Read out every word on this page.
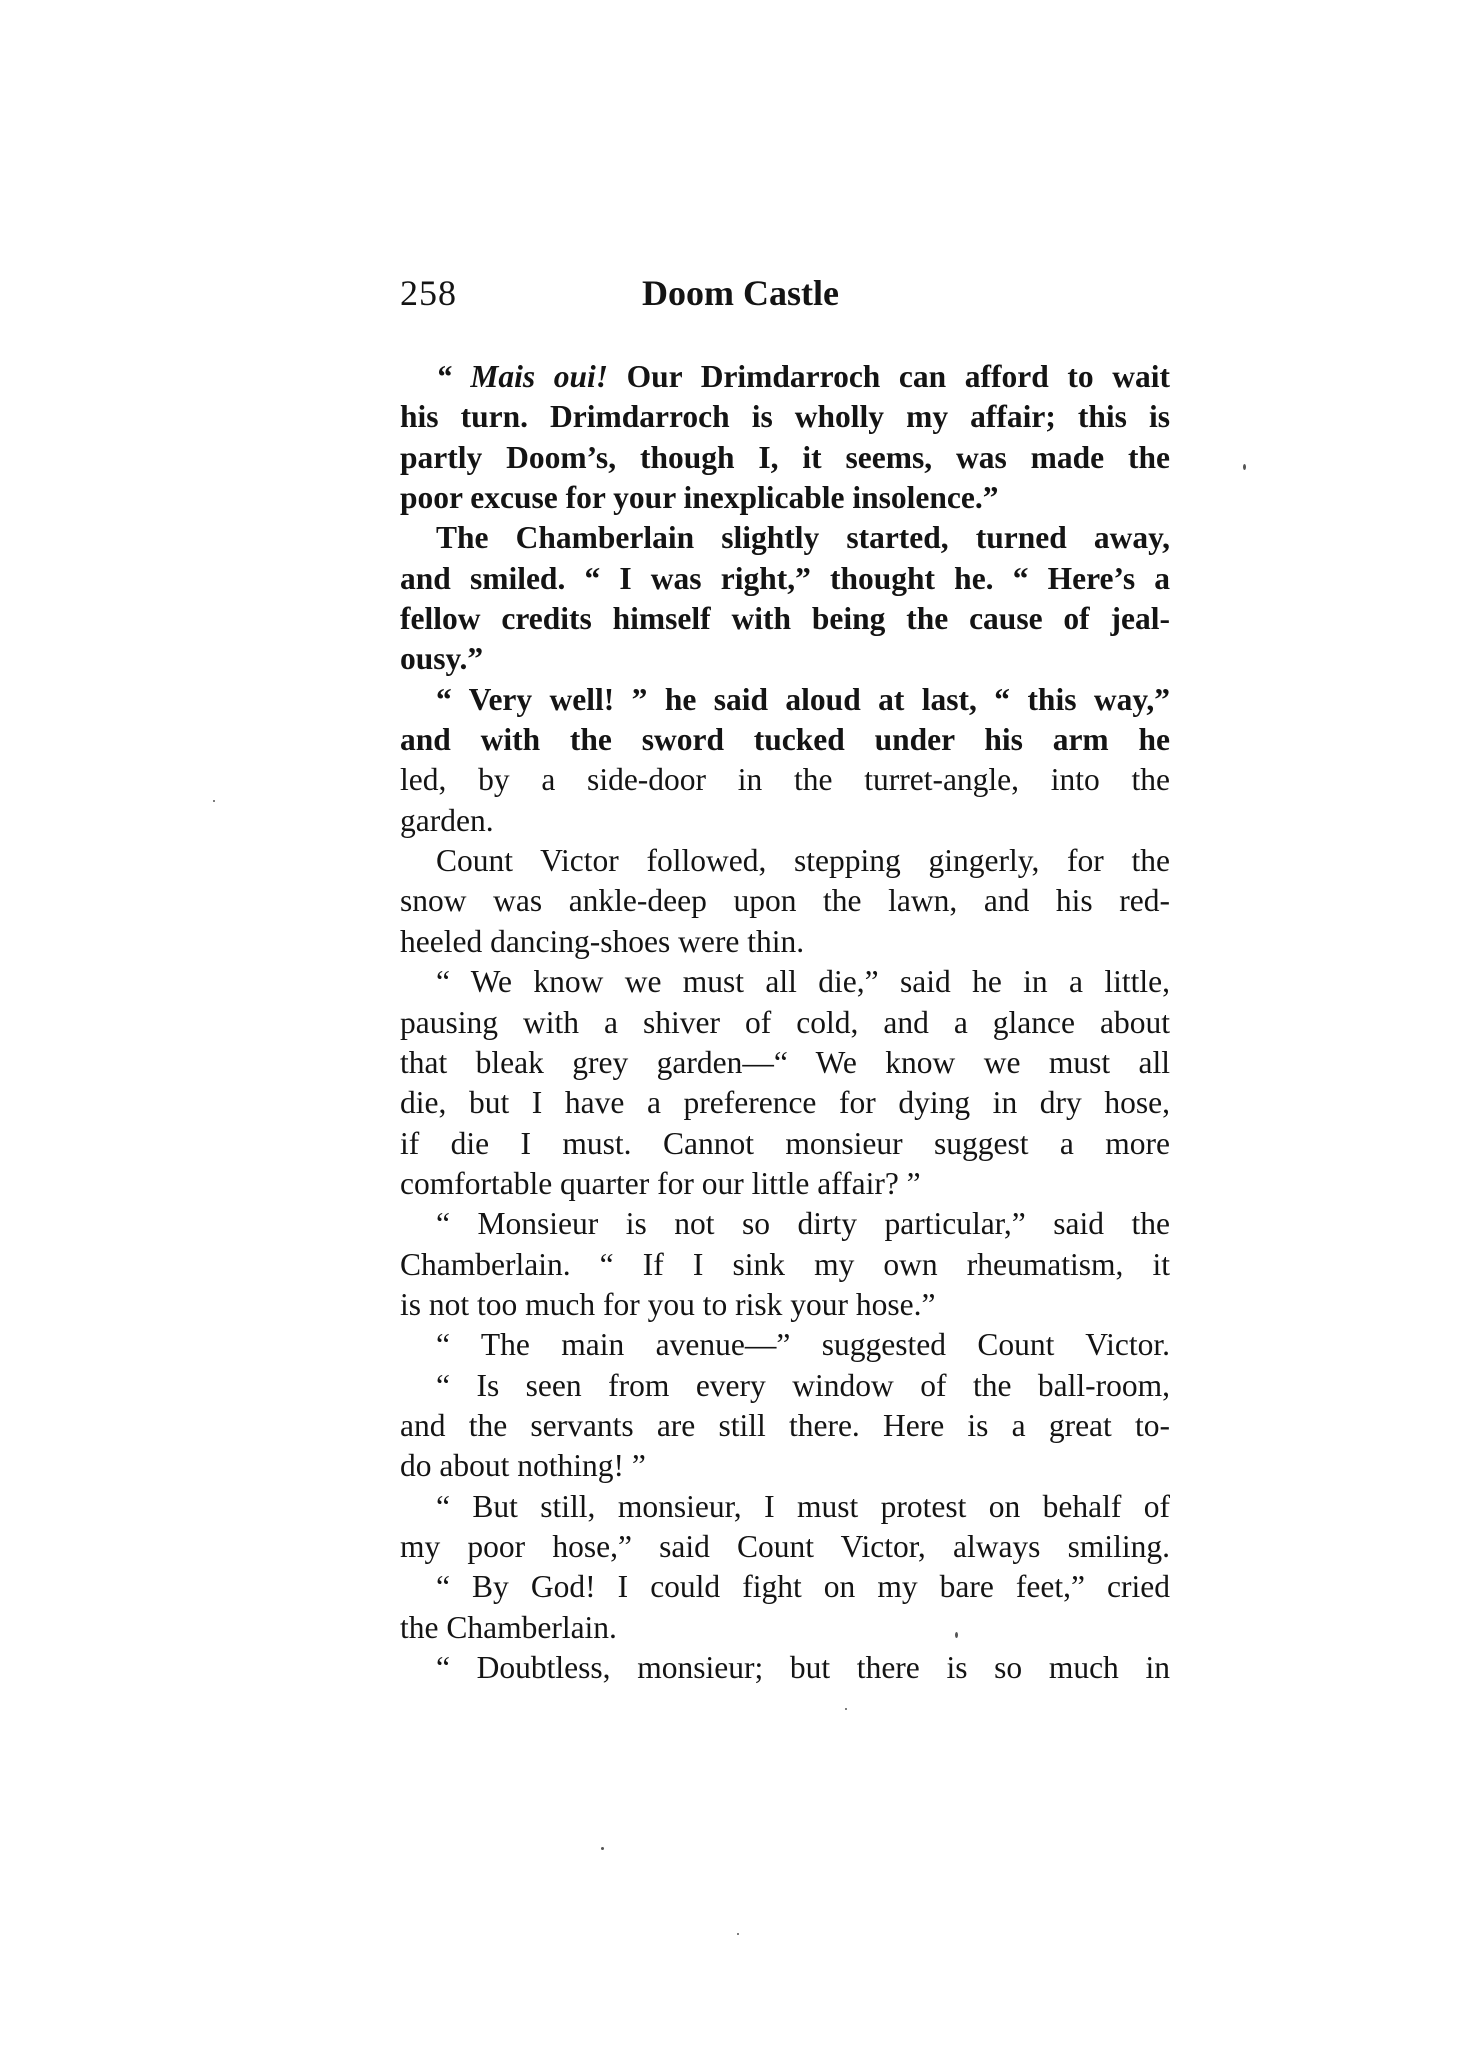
258	Doom Castle
“ Mais oui! Our Drimdarroch can afford to wait
his turn. Drimdarroch is wholly my affair; this is
partly Doom’s, though I, it seems, was made the
poor excuse for your inexplicable insolence.”
The Chamberlain slightly started, turned away,
and smiled. “ I was right,” thought he. “ Here’s a
fellow credits himself with being the cause of jeal-
ousy.”
“ Very well! ” he said aloud at last, “ this way,”
and with the sword tucked under his arm he
led, by a side-door in the turret-angle, into the
garden.
Count Victor followed, stepping gingerly, for the
snow was ankle-deep upon the lawn, and his red-
heeled dancing-shoes were thin.
“ We know we must all die,” said he in a little,
pausing with a shiver of cold, and a glance about
that bleak grey garden—“ We know we must all
die, but I have a preference for dying in dry hose,
if die I must. Cannot monsieur suggest a more
comfortable quarter for our little affair? ”
“ Monsieur is not so dirty particular,” said the
Chamberlain. “ If I sink my own rheumatism, it
is not too much for you to risk your hose.”
“ The main avenue—” suggested Count Victor.
“ Is seen from every window of the ball-room,
and the servants are still there. Here is a great to-
do about nothing! ”
“ But still, monsieur, I must protest on behalf of
my poor hose,” said Count Victor, always smiling.
“ By God! I could fight on my bare feet,” cried
the Chamberlain.
“ Doubtless, monsieur; but there is so much in
